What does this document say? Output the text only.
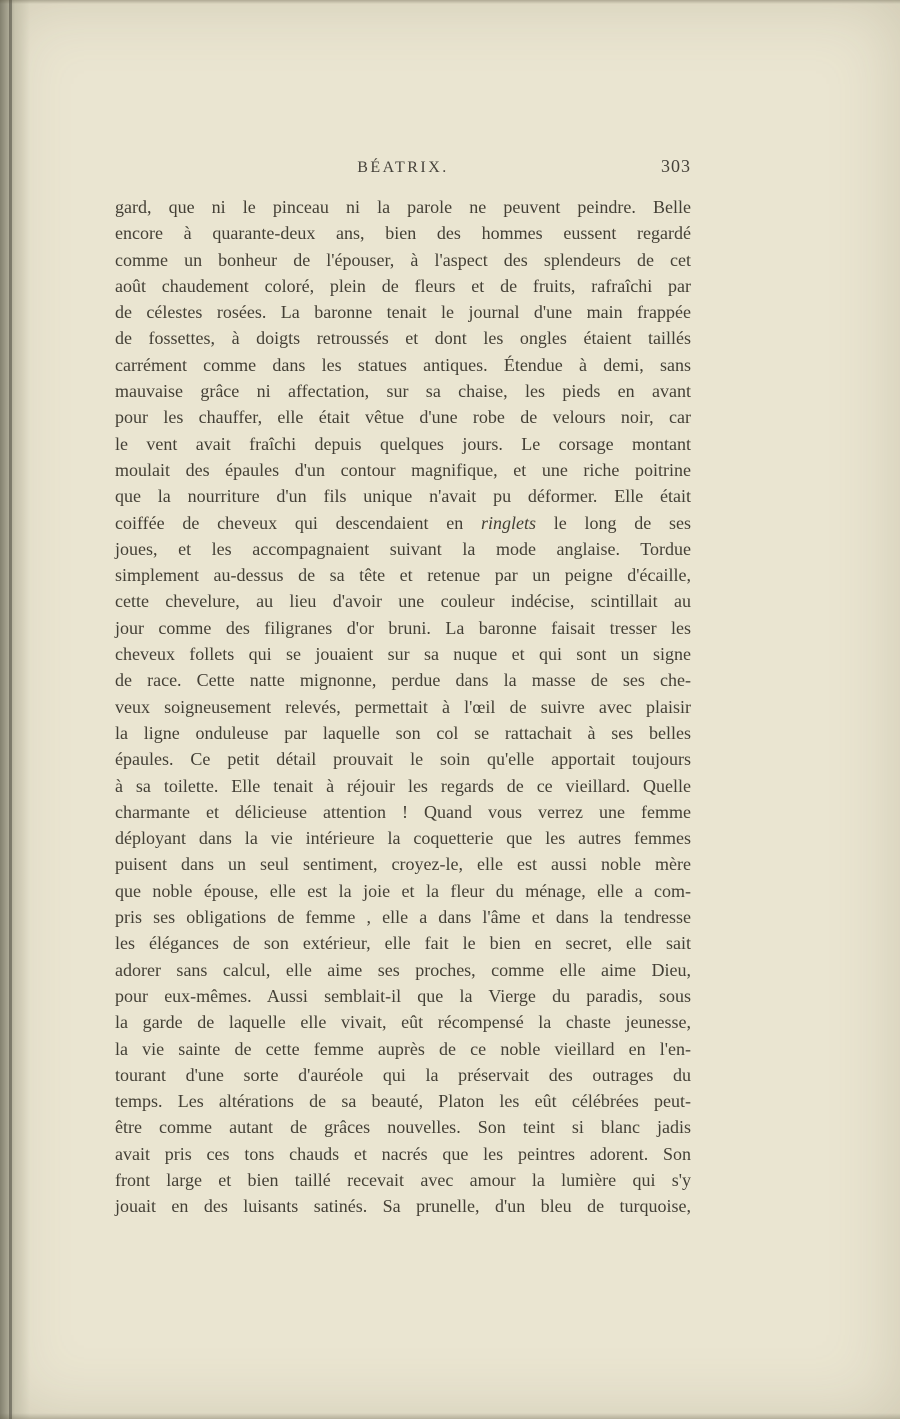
BÉATRIX.	303
gard, que ni le pinceau ni la parole ne peuvent peindre. Belle
encore à quarante-deux ans, bien des hommes eussent regardé
comme un bonheur de l'épouser, à l'aspect des splendeurs de cet
août chaudement coloré, plein de fleurs et de fruits, rafraîchi par
de célestes rosées. La baronne tenait le journal d'une main frappée
de fossettes, à doigts retroussés et dont les ongles étaient taillés
carrément comme dans les statues antiques. Étendue à demi, sans
mauvaise grâce ni affectation, sur sa chaise, les pieds en avant
pour les chauffer, elle était vêtue d'une robe de velours noir, car
le vent avait fraîchi depuis quelques jours. Le corsage montant
moulait des épaules d'un contour magnifique, et une riche poitrine
que la nourriture d'un fils unique n'avait pu déformer. Elle était
coiffée de cheveux qui descendaient en ringlets le long de ses
joues, et les accompagnaient suivant la mode anglaise. Tordue
simplement au-dessus de sa tête et retenue par un peigne d'écaille,
cette chevelure, au lieu d'avoir une couleur indécise, scintillait au
jour comme des filigranes d'or bruni. La baronne faisait tresser les
cheveux follets qui se jouaient sur sa nuque et qui sont un signe
de race. Cette natte mignonne, perdue dans la masse de ses che-
veux soigneusement relevés, permettait à l'œil de suivre avec plaisir
la ligne onduleuse par laquelle son col se rattachait à ses belles
épaules. Ce petit détail prouvait le soin qu'elle apportait toujours
à sa toilette. Elle tenait à réjouir les regards de ce vieillard. Quelle
charmante et délicieuse attention ! Quand vous verrez une femme
déployant dans la vie intérieure la coquetterie que les autres femmes
puisent dans un seul sentiment, croyez-le, elle est aussi noble mère
que noble épouse, elle est la joie et la fleur du ménage, elle a com-
pris ses obligations de femme , elle a dans l'âme et dans la tendresse
les élégances de son extérieur, elle fait le bien en secret, elle sait
adorer sans calcul, elle aime ses proches, comme elle aime Dieu,
pour eux-mêmes. Aussi semblait-il que la Vierge du paradis, sous
la garde de laquelle elle vivait, eût récompensé la chaste jeunesse,
la vie sainte de cette femme auprès de ce noble vieillard en l'en-
tourant d'une sorte d'auréole qui la préservait des outrages du
temps. Les altérations de sa beauté, Platon les eût célébrées peut-
être comme autant de grâces nouvelles. Son teint si blanc jadis
avait pris ces tons chauds et nacrés que les peintres adorent. Son
front large et bien taillé recevait avec amour la lumière qui s'y
jouait en des luisants satinés. Sa prunelle, d'un bleu de turquoise,
